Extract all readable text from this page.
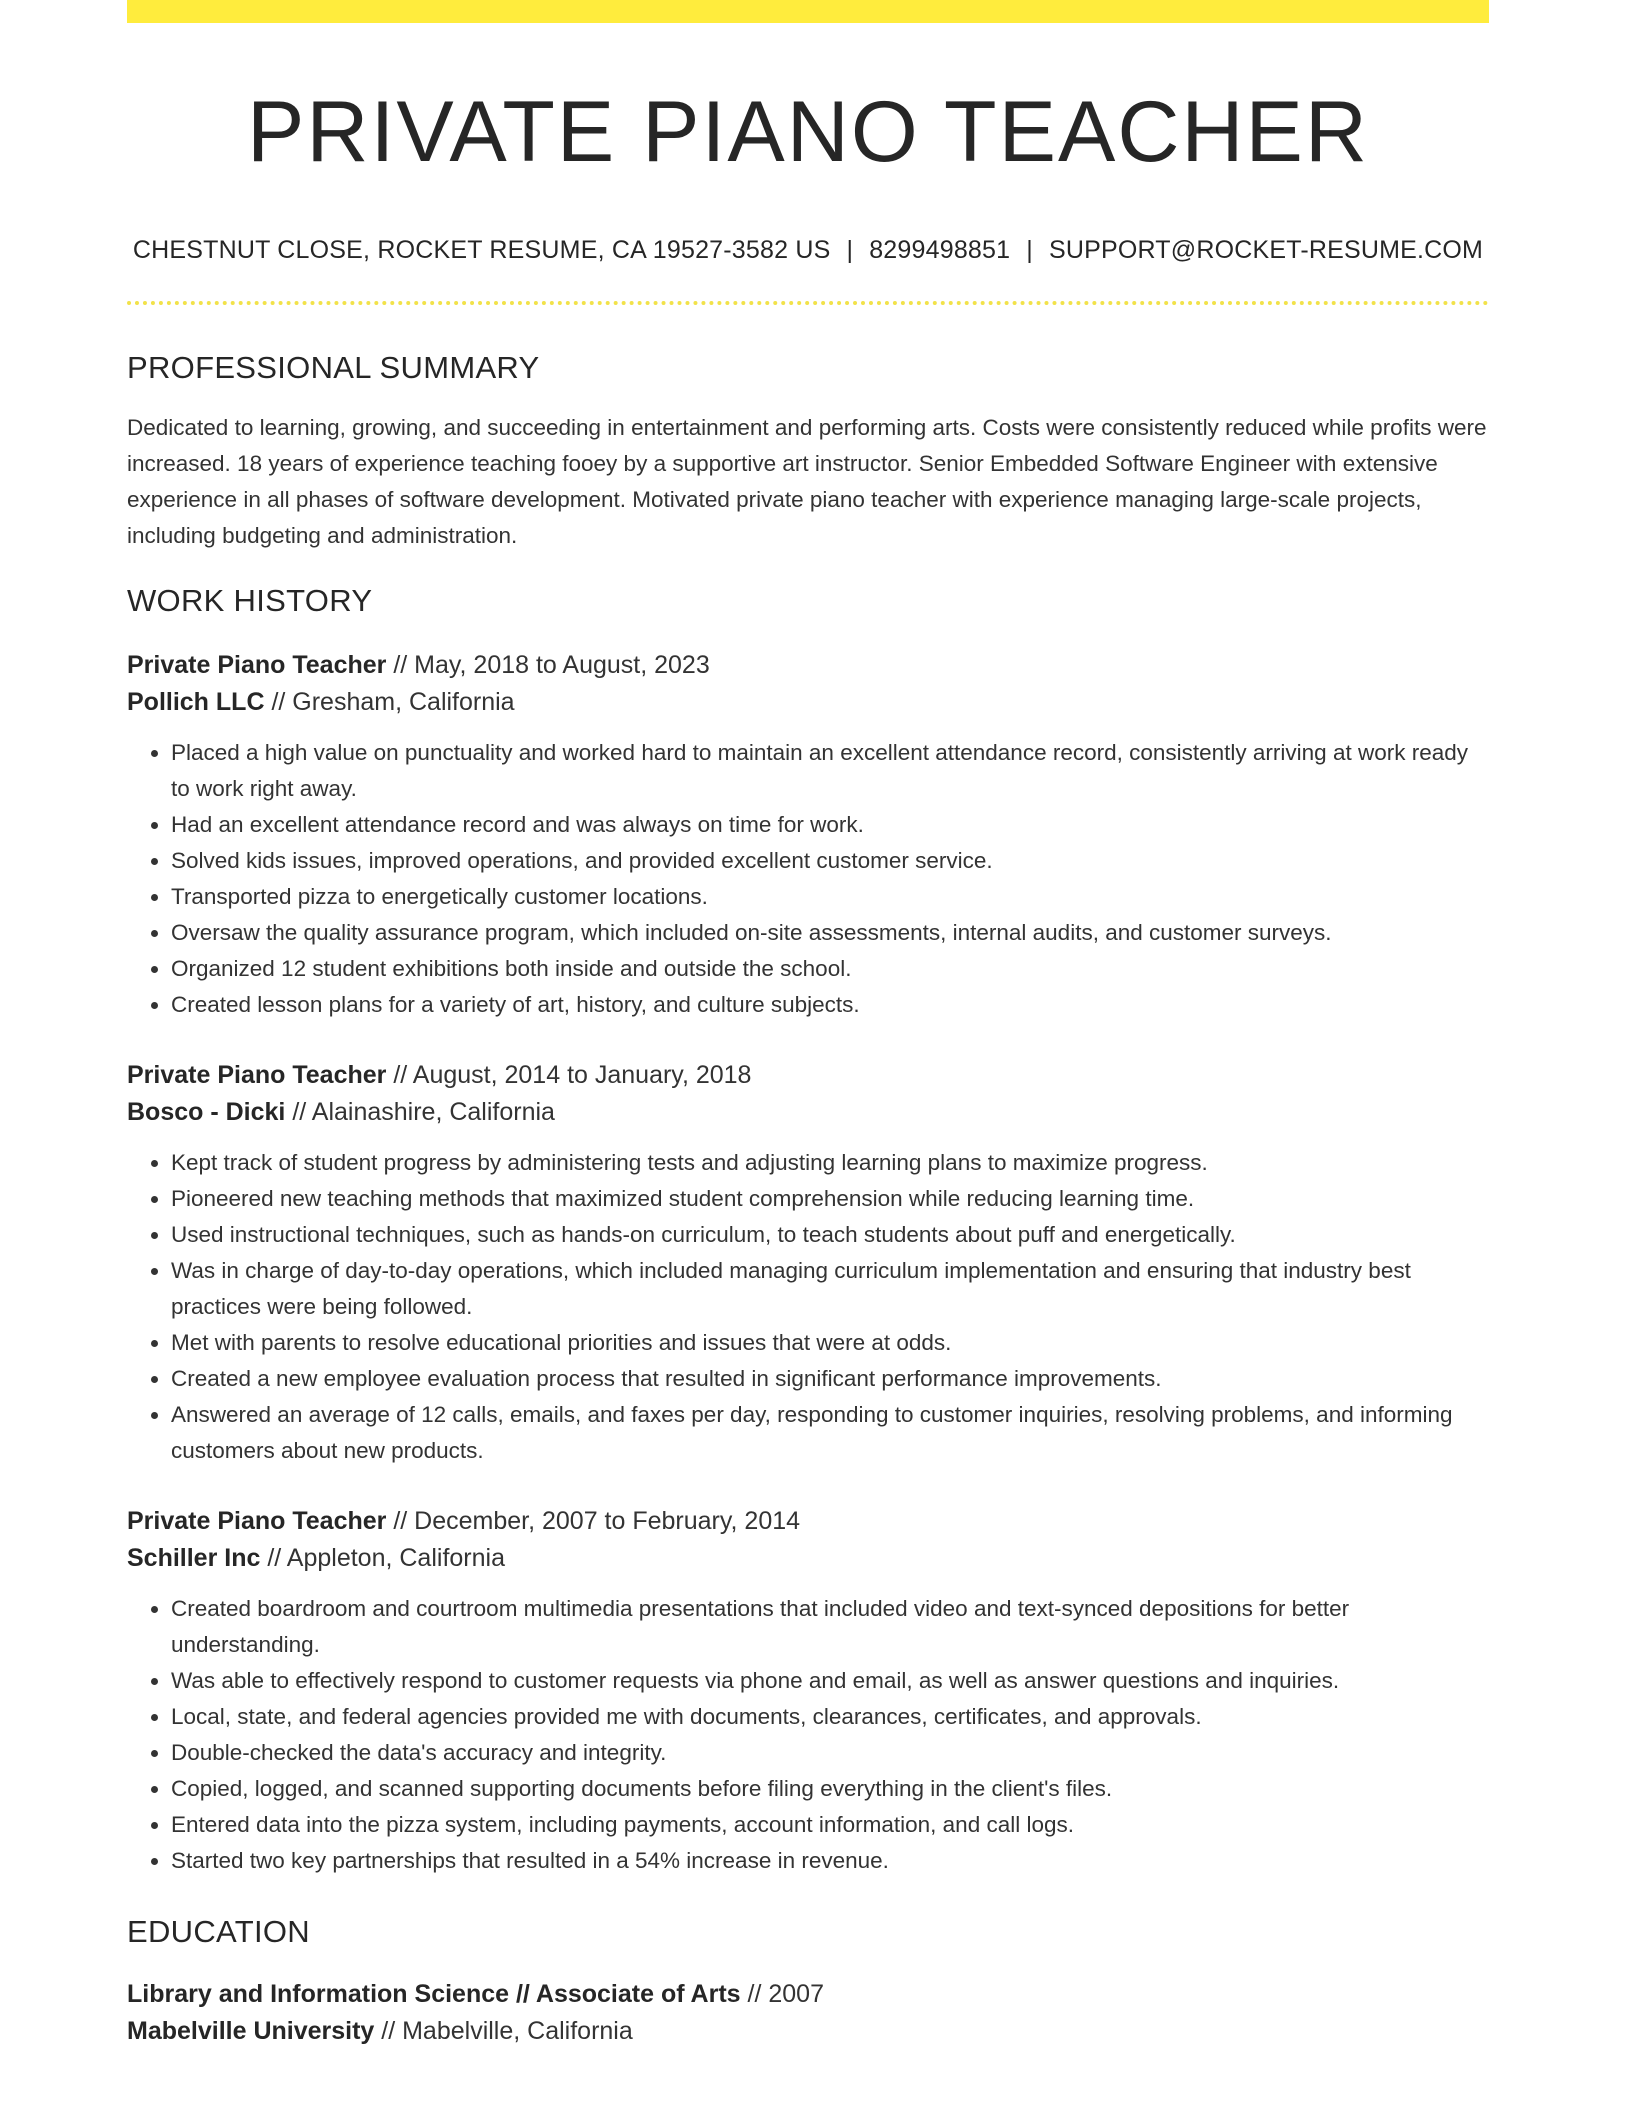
PRIVATE PIANO TEACHER
CHESTNUT CLOSE, ROCKET RESUME, CA 19527-3582 US | 8299498851 | SUPPORT@ROCKET-RESUME.COM
PROFESSIONAL SUMMARY
Dedicated to learning, growing, and succeeding in entertainment and performing arts. Costs were consistently reduced while profits were increased. 18 years of experience teaching fooey by a supportive art instructor. Senior Embedded Software Engineer with extensive experience in all phases of software development. Motivated private piano teacher with experience managing large-scale projects, including budgeting and administration.
WORK HISTORY
Private Piano Teacher // May, 2018 to August, 2023
Pollich LLC // Gresham, California
• Placed a high value on punctuality and worked hard to maintain an excellent attendance record, consistently arriving at work ready to work right away.
• Had an excellent attendance record and was always on time for work.
• Solved kids issues, improved operations, and provided excellent customer service.
• Transported pizza to energetically customer locations.
• Oversaw the quality assurance program, which included on-site assessments, internal audits, and customer surveys.
• Organized 12 student exhibitions both inside and outside the school.
• Created lesson plans for a variety of art, history, and culture subjects.
Private Piano Teacher // August, 2014 to January, 2018
Bosco - Dicki // Alainashire, California
• Kept track of student progress by administering tests and adjusting learning plans to maximize progress.
• Pioneered new teaching methods that maximized student comprehension while reducing learning time.
• Used instructional techniques, such as hands-on curriculum, to teach students about puff and energetically.
• Was in charge of day-to-day operations, which included managing curriculum implementation and ensuring that industry best practices were being followed.
• Met with parents to resolve educational priorities and issues that were at odds.
• Created a new employee evaluation process that resulted in significant performance improvements.
• Answered an average of 12 calls, emails, and faxes per day, responding to customer inquiries, resolving problems, and informing customers about new products.
Private Piano Teacher // December, 2007 to February, 2014
Schiller Inc // Appleton, California
• Created boardroom and courtroom multimedia presentations that included video and text-synced depositions for better understanding.
• Was able to effectively respond to customer requests via phone and email, as well as answer questions and inquiries.
• Local, state, and federal agencies provided me with documents, clearances, certificates, and approvals.
• Double-checked the data's accuracy and integrity.
• Copied, logged, and scanned supporting documents before filing everything in the client's files.
• Entered data into the pizza system, including payments, account information, and call logs.
• Started two key partnerships that resulted in a 54% increase in revenue.
EDUCATION
Library and Information Science // Associate of Arts // 2007
Mabelville University // Mabelville, California
